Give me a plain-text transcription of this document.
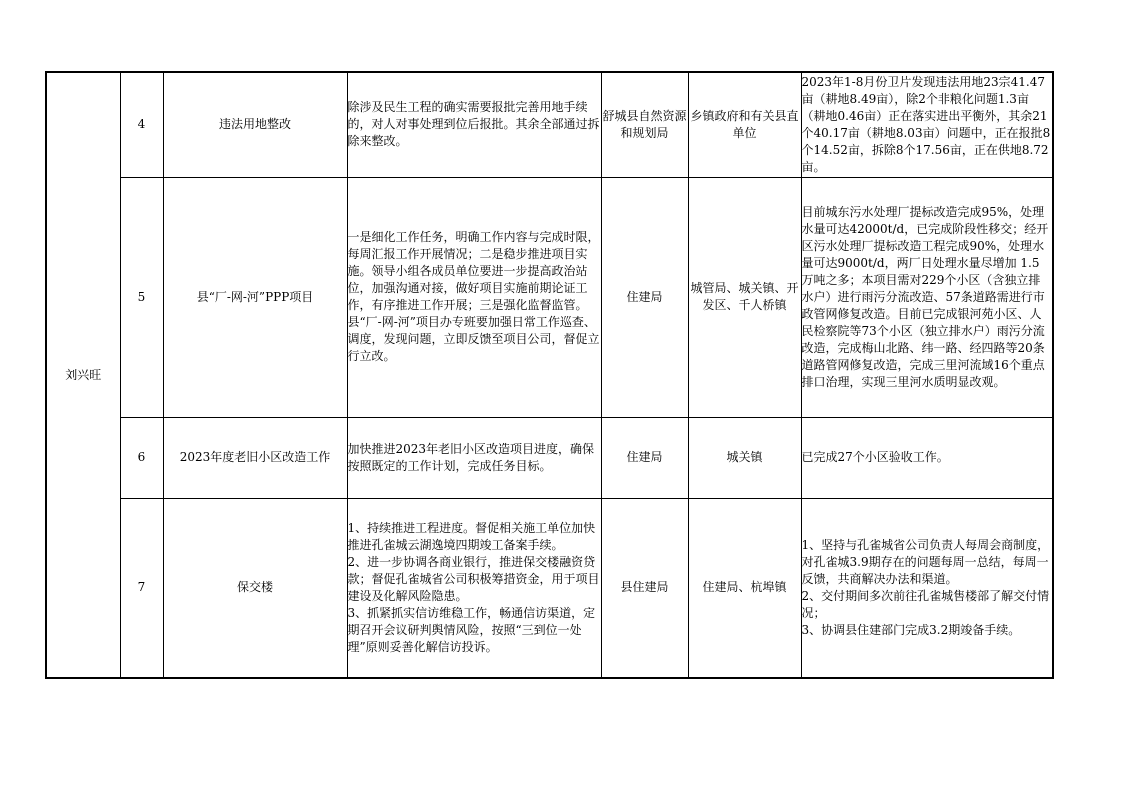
刘兴旺	4	违法用地整改	除涉及民生工程的确实需要报批完善用地手续的，对人对事处理到位后报批。其余全部通过拆除来整改。	舒城县自然资源和规划局	乡镇政府和有关县直单位	2023年1-8月份卫片发现违法用地23宗41.47亩（耕地8.49亩），除2个非粮化问题1.3亩（耕地0.46亩）正在落实进出平衡外，其余21个40.17亩（耕地8.03亩）问题中，正在报批8个14.52亩，拆除8个17.56亩，正在供地8.72亩。
	5	县“厂-网-河”PPP项目	一是细化工作任务，明确工作内容与完成时限，每周汇报工作开展情况；二是稳步推进项目实施。领导小组各成员单位要进一步提高政治站位，加强沟通对接，做好项目实施前期论证工作，有序推进工作开展；三是强化监督监管。县“厂-网-河”项目办专班要加强日常工作巡查、调度，发现问题，立即反馈至项目公司，督促立行立改。	住建局	城管局、城关镇、开发区、千人桥镇	目前城东污水处理厂提标改造完成95%，处理水量可达42000t/d，已完成阶段性移交；经开区污水处理厂提标改造工程完成90%，处理水量可达9000t/d，两厂日处理水量尽增加 1.5 万吨之多；本项目需对229个小区（含独立排水户）进行雨污分流改造、57条道路需进行市政管网修复改造。目前已完成银河苑小区、人民检察院等73个小区（独立排水户）雨污分流改造，完成梅山北路、纬一路、经四路等20条道路管网修复改造，完成三里河流域16个重点排口治理，实现三里河水质明显改观。
	6	2023年度老旧小区改造工作	加快推进2023年老旧小区改造项目进度，确保按照既定的工作计划，完成任务目标。	住建局	城关镇	已完成27个小区验收工作。
	7	保交楼	1、持续推进工程进度。督促相关施工单位加快推进孔雀城云湖逸境四期竣工备案手续。
2、进一步协调各商业银行，推进保交楼融资贷款；督促孔雀城省公司积极筹措资金，用于项目建设及化解风险隐患。
3、抓紧抓实信访维稳工作，畅通信访渠道，定期召开会议研判舆情风险，按照“三到位一处理”原则妥善化解信访投诉。	县住建局	住建局、杭埠镇	1、坚持与孔雀城省公司负责人每周会商制度，对孔雀城3.9期存在的问题每周一总结，每周一反馈，共商解决办法和渠道。
2、交付期间多次前往孔雀城售楼部了解交付情况；
3、协调县住建部门完成3.2期竣备手续。
